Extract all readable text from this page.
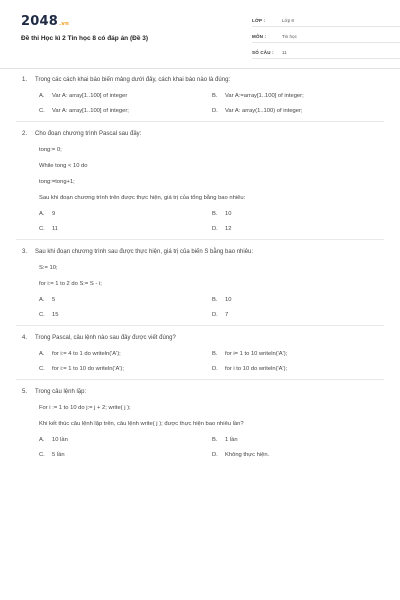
2048.vn
Đề thi Học kì 2 Tin học 8 có đáp án (Đề 3)
LỚP :	Lớp 8
MÔN :	Tin học
SỐ CÂU :	11
1.	Trong các cách khai báo biến mảng dưới đây, cách khai báo nào là đúng:
A.	Var A: array[1..100] of integer	B.	Var A:=array[1..100] of integer;
C.	Var A: array[1..100] of integer;	D.	Var A: array(1..100) of integer;
2.	Cho đoạn chương trình Pascal sau đây:
tong:= 0;
While tong < 10 do
tong:=tong+1;
Sau khi đoạn chương trình trên được thực hiện, giá trị của tổng bằng bao nhiêu:
A.	9	B.	10
C.	11	D.	12
3.	Sau khi đoạn chương trình sau được thực hiện, giá trị của biến S bằng bao nhiêu:
S:= 10;
for i:= 1 to 2 do S:= S - i;
A.	5	B.	10
C.	15	D.	7
4.	Trong Pascal, câu lệnh nào sau đây được viết đúng?
A.	for i:= 4 to 1 do writeln('A');	B.	for i= 1 to 10 writeln('A');
C.	for i:= 1 to 10 do writeln('A');	D.	for i to 10 do writeln('A');
5.	Trong câu lệnh lặp:
For i := 1 to 10 do j:= j + 2; write( j );
Khi kết thúc câu lệnh lặp trên, câu lệnh write( j ); được thực hiện bao nhiêu lần?
A.	10 lần	B.	1 lần
C.	5 lần	D.	Không thực hiện.
